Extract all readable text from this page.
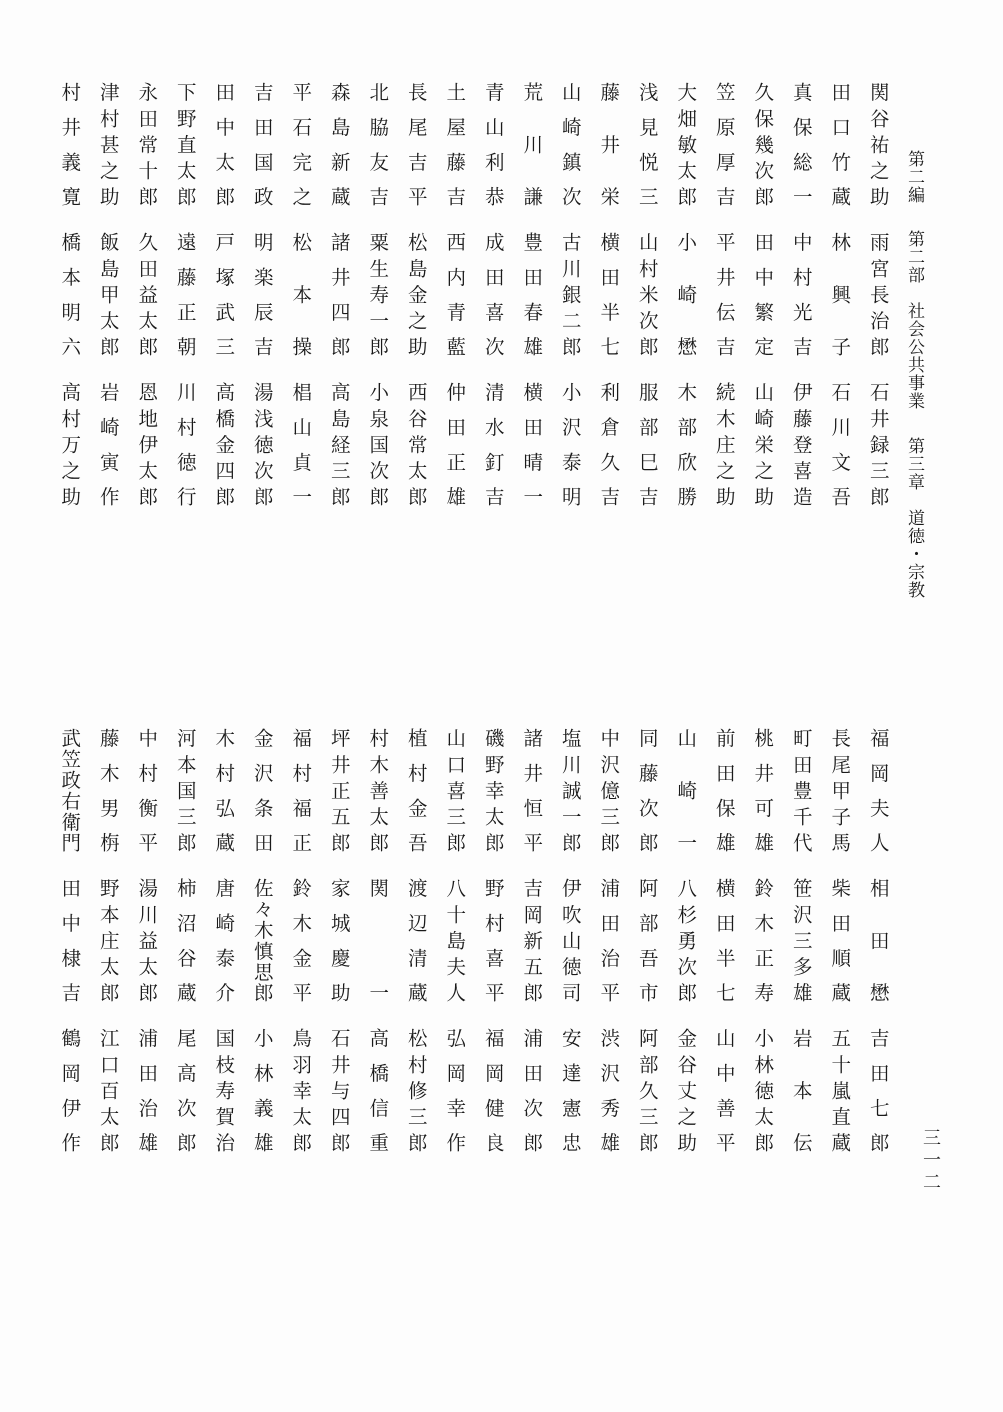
第二編 第二部　社会公共事業 第三章　道徳・宗教
関谷祐之助
雨宮長治郎
石井録三郎
田口竹蔵
林興子
石川文吾
真保総一
中村光吉
伊藤登喜造
久保幾次郎
田中繁定
山崎栄之助
笠原厚吉
平井伝吉
続木庄之助
大畑敏太郎
小崎懋
木部欣勝
浅見悦三
山村米次郎
服部巳吉
藤井栄
横田半七
利倉久吉
山崎鎮次
古川銀二郎
小沢泰明
荒川謙
豊田春雄
横田晴一
青山利恭
成田喜次
清水釘吉
土屋藤吉
西内青藍
仲田正雄
長尾吉平
松島金之助
西谷常太郎
北脇友吉
粟生寿一郎
小泉国次郎
森島新蔵
諸井四郎
高島経三郎
平石完之
松本操
椙山貞一
吉田国政
明楽辰吉
湯浅徳次郎
田中太郎
戸塚武三
高橋金四郎
下野直太郎
遠藤正朝
川村徳行
永田常十郎
久田益太郎
恩地伊太郎
津村甚之助
飯島甲太郎
岩崎寅作
村井義寛
橋本明六
高村万之助
福岡夫人
相田懋
吉田七郎
長尾甲子馬
柴田順蔵
五十嵐直蔵
町田豊千代
笹沢三多雄
岩本伝
桃井可雄
鈴木正寿
小林徳太郎
前田保雄
横田半七
山中善平
山崎一
八杉勇次郎
金谷丈之助
同藤次郎
阿部吾市
阿部久三郎
中沢億三郎
浦田治平
渋沢秀雄
塩川誠一郎
伊吹山徳司
安達憲忠
諸井恒平
吉岡新五郎
浦田次郎
磯野幸太郎
野村喜平
福岡健良
山口喜三郎
八十島夫人
弘岡幸作
植村金吾
渡辺清蔵
松村修三郎
村木善太郎
関一
高橋信重
坪井正五郎
家城慶助
石井与四郎
福村福正
鈴木金平
鳥羽幸太郎
金沢条田
佐々木慎思郎
小林義雄
木村弘蔵
唐崎泰介
国枝寿賀治
河本国三郎
柿沼谷蔵
尾高次郎
中村衡平
湯川益太郎
浦田治雄
藤木男栴
野本庄太郎
江口百太郎
武笠政右衛門
田中棣吉
鶴岡伊作
三一二
